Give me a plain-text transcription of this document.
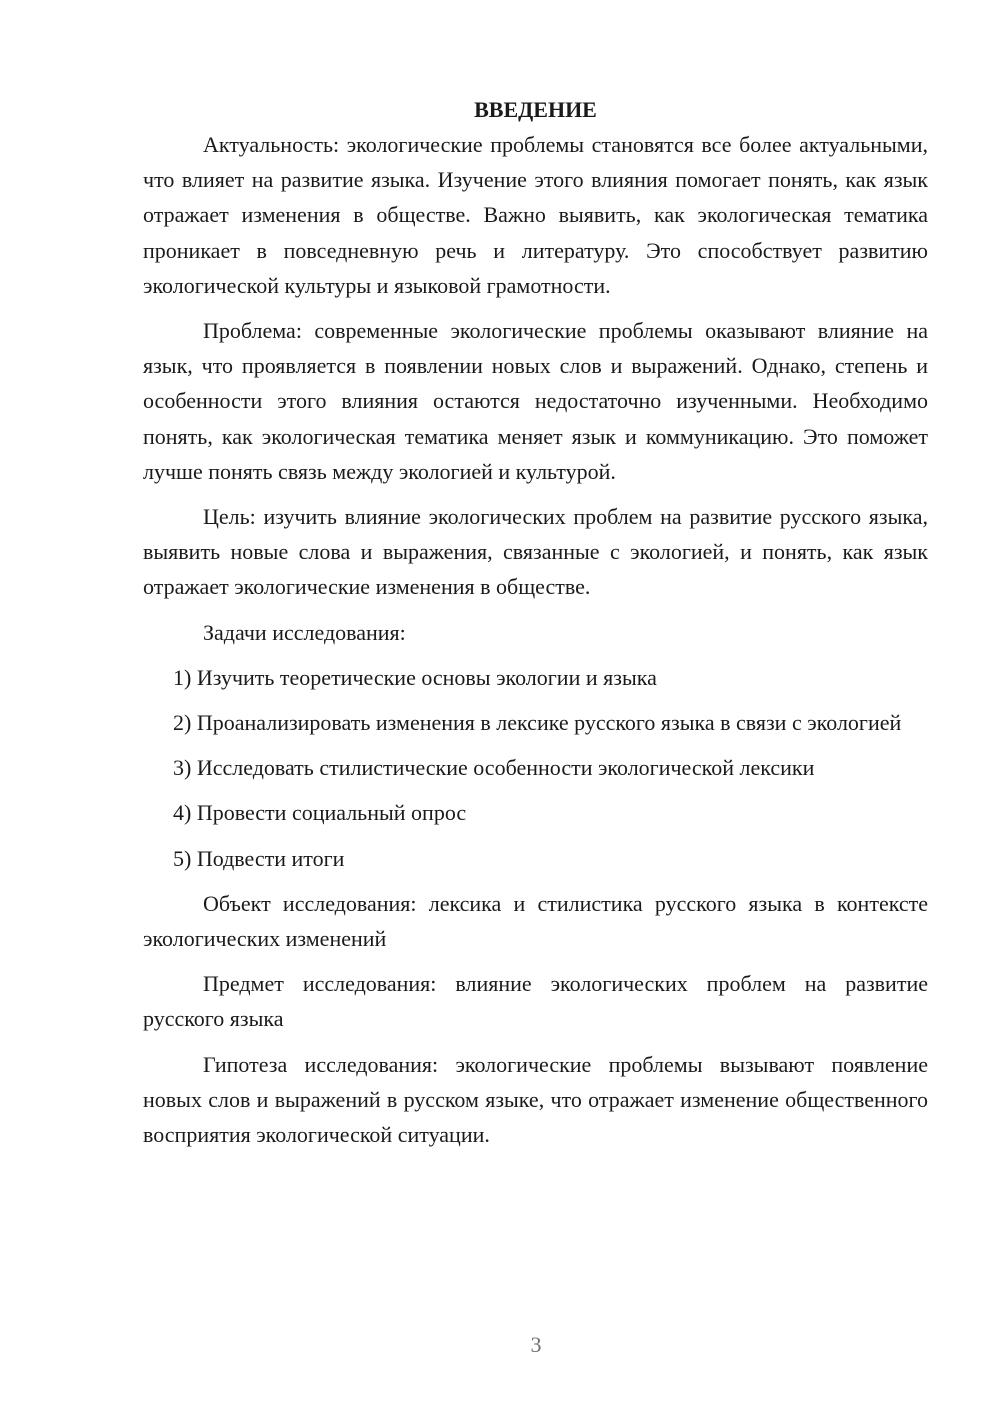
ВВЕДЕНИЕ

Актуальность: экологические проблемы становятся все более актуальными, что влияет на развитие языка. Изучение этого влияния помогает понять, как язык отражает изменения в обществе. Важно выявить, как экологическая тематика проникает в повседневную речь и литературу. Это способствует развитию экологической культуры и языковой грамотности.

Проблема: современные экологические проблемы оказывают влияние на язык, что проявляется в появлении новых слов и выражений. Однако, степень и особенности этого влияния остаются недостаточно изученными. Необходимо понять, как экологическая тематика меняет язык и коммуникацию. Это поможет лучше понять связь между экологией и культурой.

Цель: изучить влияние экологических проблем на развитие русского языка, выявить новые слова и выражения, связанные с экологией, и понять, как язык отражает экологические изменения в обществе.

Задачи исследования:

1) Изучить теоретические основы экологии и языка

2) Проанализировать изменения в лексике русского языка в связи с экологией

3) Исследовать стилистические особенности экологической лексики

4) Провести социальный опрос

5) Подвести итоги

Объект исследования: лексика и стилистика русского языка в контексте экологических изменений

Предмет исследования: влияние экологических проблем на развитие русского языка

Гипотеза исследования: экологические проблемы вызывают появление новых слов и выражений в русском языке, что отражает изменение общественного восприятия экологической ситуации.

3
